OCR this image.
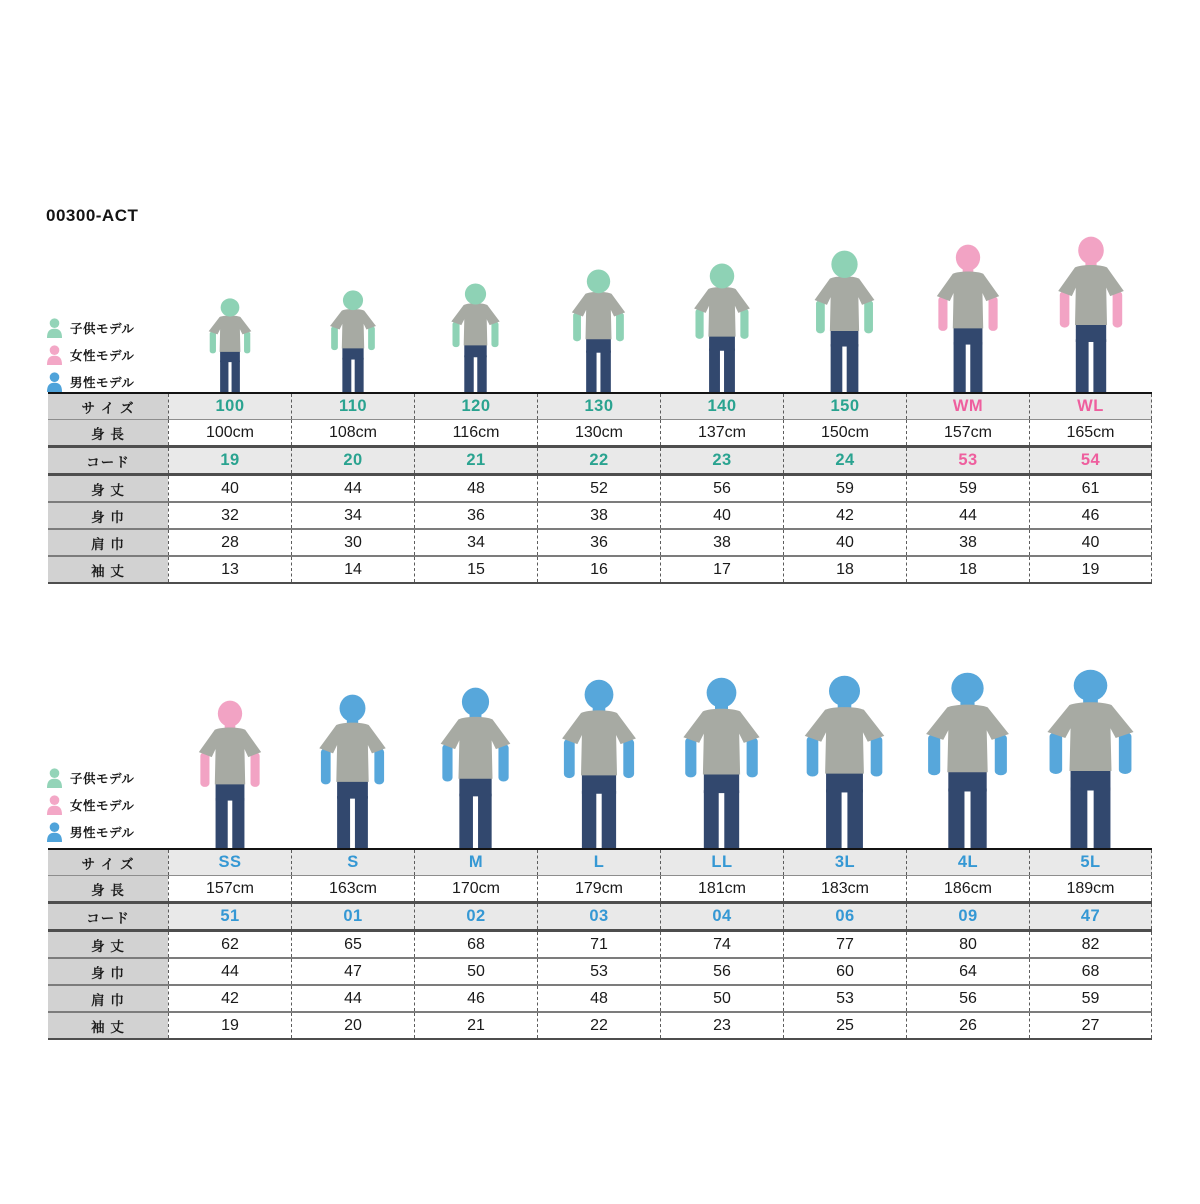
00300-ACT
子供モデル
女性モデル
男性モデル
子供モデル
女性モデル
男性モデル
サ イ ズ	100	110	120	130	140	150	WM	WL
身 長	100cm	108cm	116cm	130cm	137cm	150cm	157cm	165cm
コード	19	20	21	22	23	24	53	54
身 丈	40	44	48	52	56	59	59	61
身 巾	32	34	36	38	40	42	44	46
肩 巾	28	30	34	36	38	40	38	40
袖 丈	13	14	15	16	17	18	18	19
サ イ ズ	SS	S	M	L	LL	3L	4L	5L
身 長	157cm	163cm	170cm	179cm	181cm	183cm	186cm	189cm
コード	51	01	02	03	04	06	09	47
身 丈	62	65	68	71	74	77	80	82
身 巾	44	47	50	53	56	60	64	68
肩 巾	42	44	46	48	50	53	56	59
袖 丈	19	20	21	22	23	25	26	27
